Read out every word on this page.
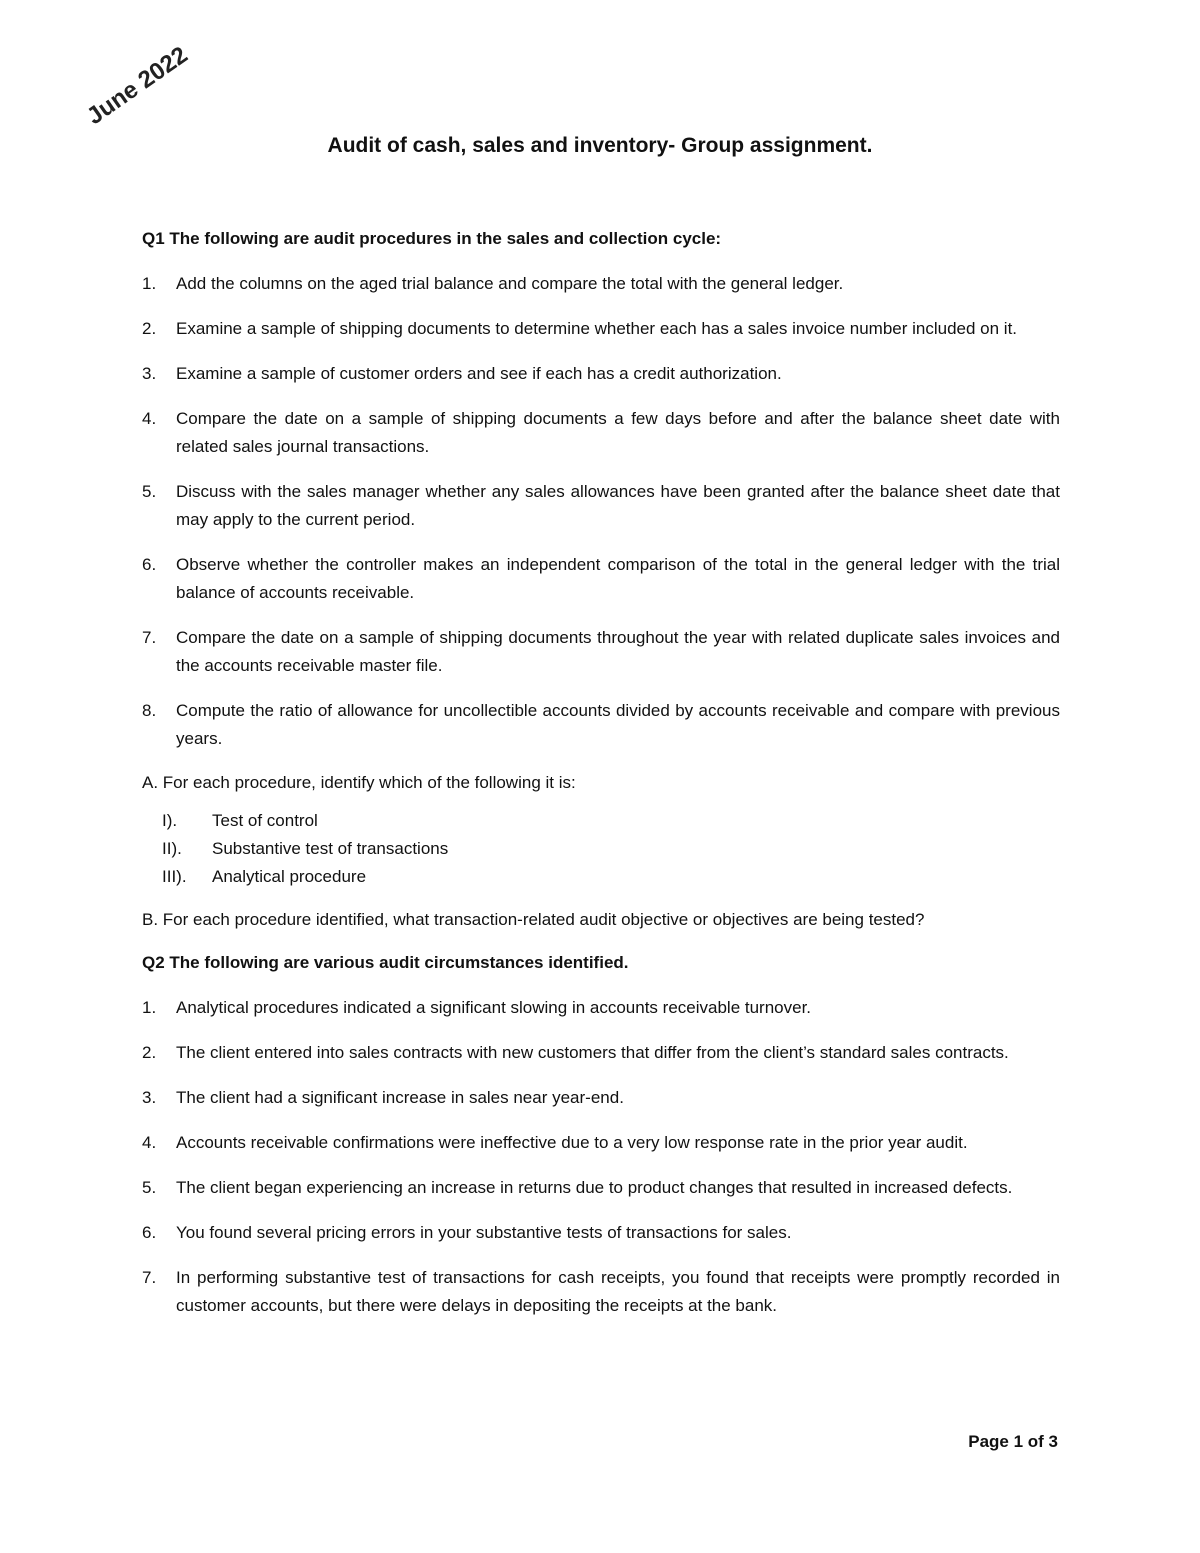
June 2022
Audit of cash, sales and inventory- Group assignment.

Q1 The following are audit procedures in the sales and collection cycle:

1. Add the columns on the aged trial balance and compare the total with the general ledger.
2. Examine a sample of shipping documents to determine whether each has a sales invoice number included on it.
3. Examine a sample of customer orders and see if each has a credit authorization.
4. Compare the date on a sample of shipping documents a few days before and after the balance sheet date with related sales journal transactions.
5. Discuss with the sales manager whether any sales allowances have been granted after the balance sheet date that may apply to the current period.
6. Observe whether the controller makes an independent comparison of the total in the general ledger with the trial balance of accounts receivable.
7. Compare the date on a sample of shipping documents throughout the year with related duplicate sales invoices and the accounts receivable master file.
8. Compute the ratio of allowance for uncollectible accounts divided by accounts receivable and compare with previous years.

A. For each procedure, identify which of the following it is:

I). Test of control
II). Substantive test of transactions
III). Analytical procedure

B. For each procedure identified, what transaction-related audit objective or objectives are being tested?

Q2 The following are various audit circumstances identified.

1. Analytical procedures indicated a significant slowing in accounts receivable turnover.
2. The client entered into sales contracts with new customers that differ from the client’s standard sales contracts.
3. The client had a significant increase in sales near year-end.
4. Accounts receivable confirmations were ineffective due to a very low response rate in the prior year audit.
5. The client began experiencing an increase in returns due to product changes that resulted in increased defects.
6. You found several pricing errors in your substantive tests of transactions for sales.
7. In performing substantive test of transactions for cash receipts, you found that receipts were promptly recorded in customer accounts, but there were delays in depositing the receipts at the bank.
Page 1 of 3
